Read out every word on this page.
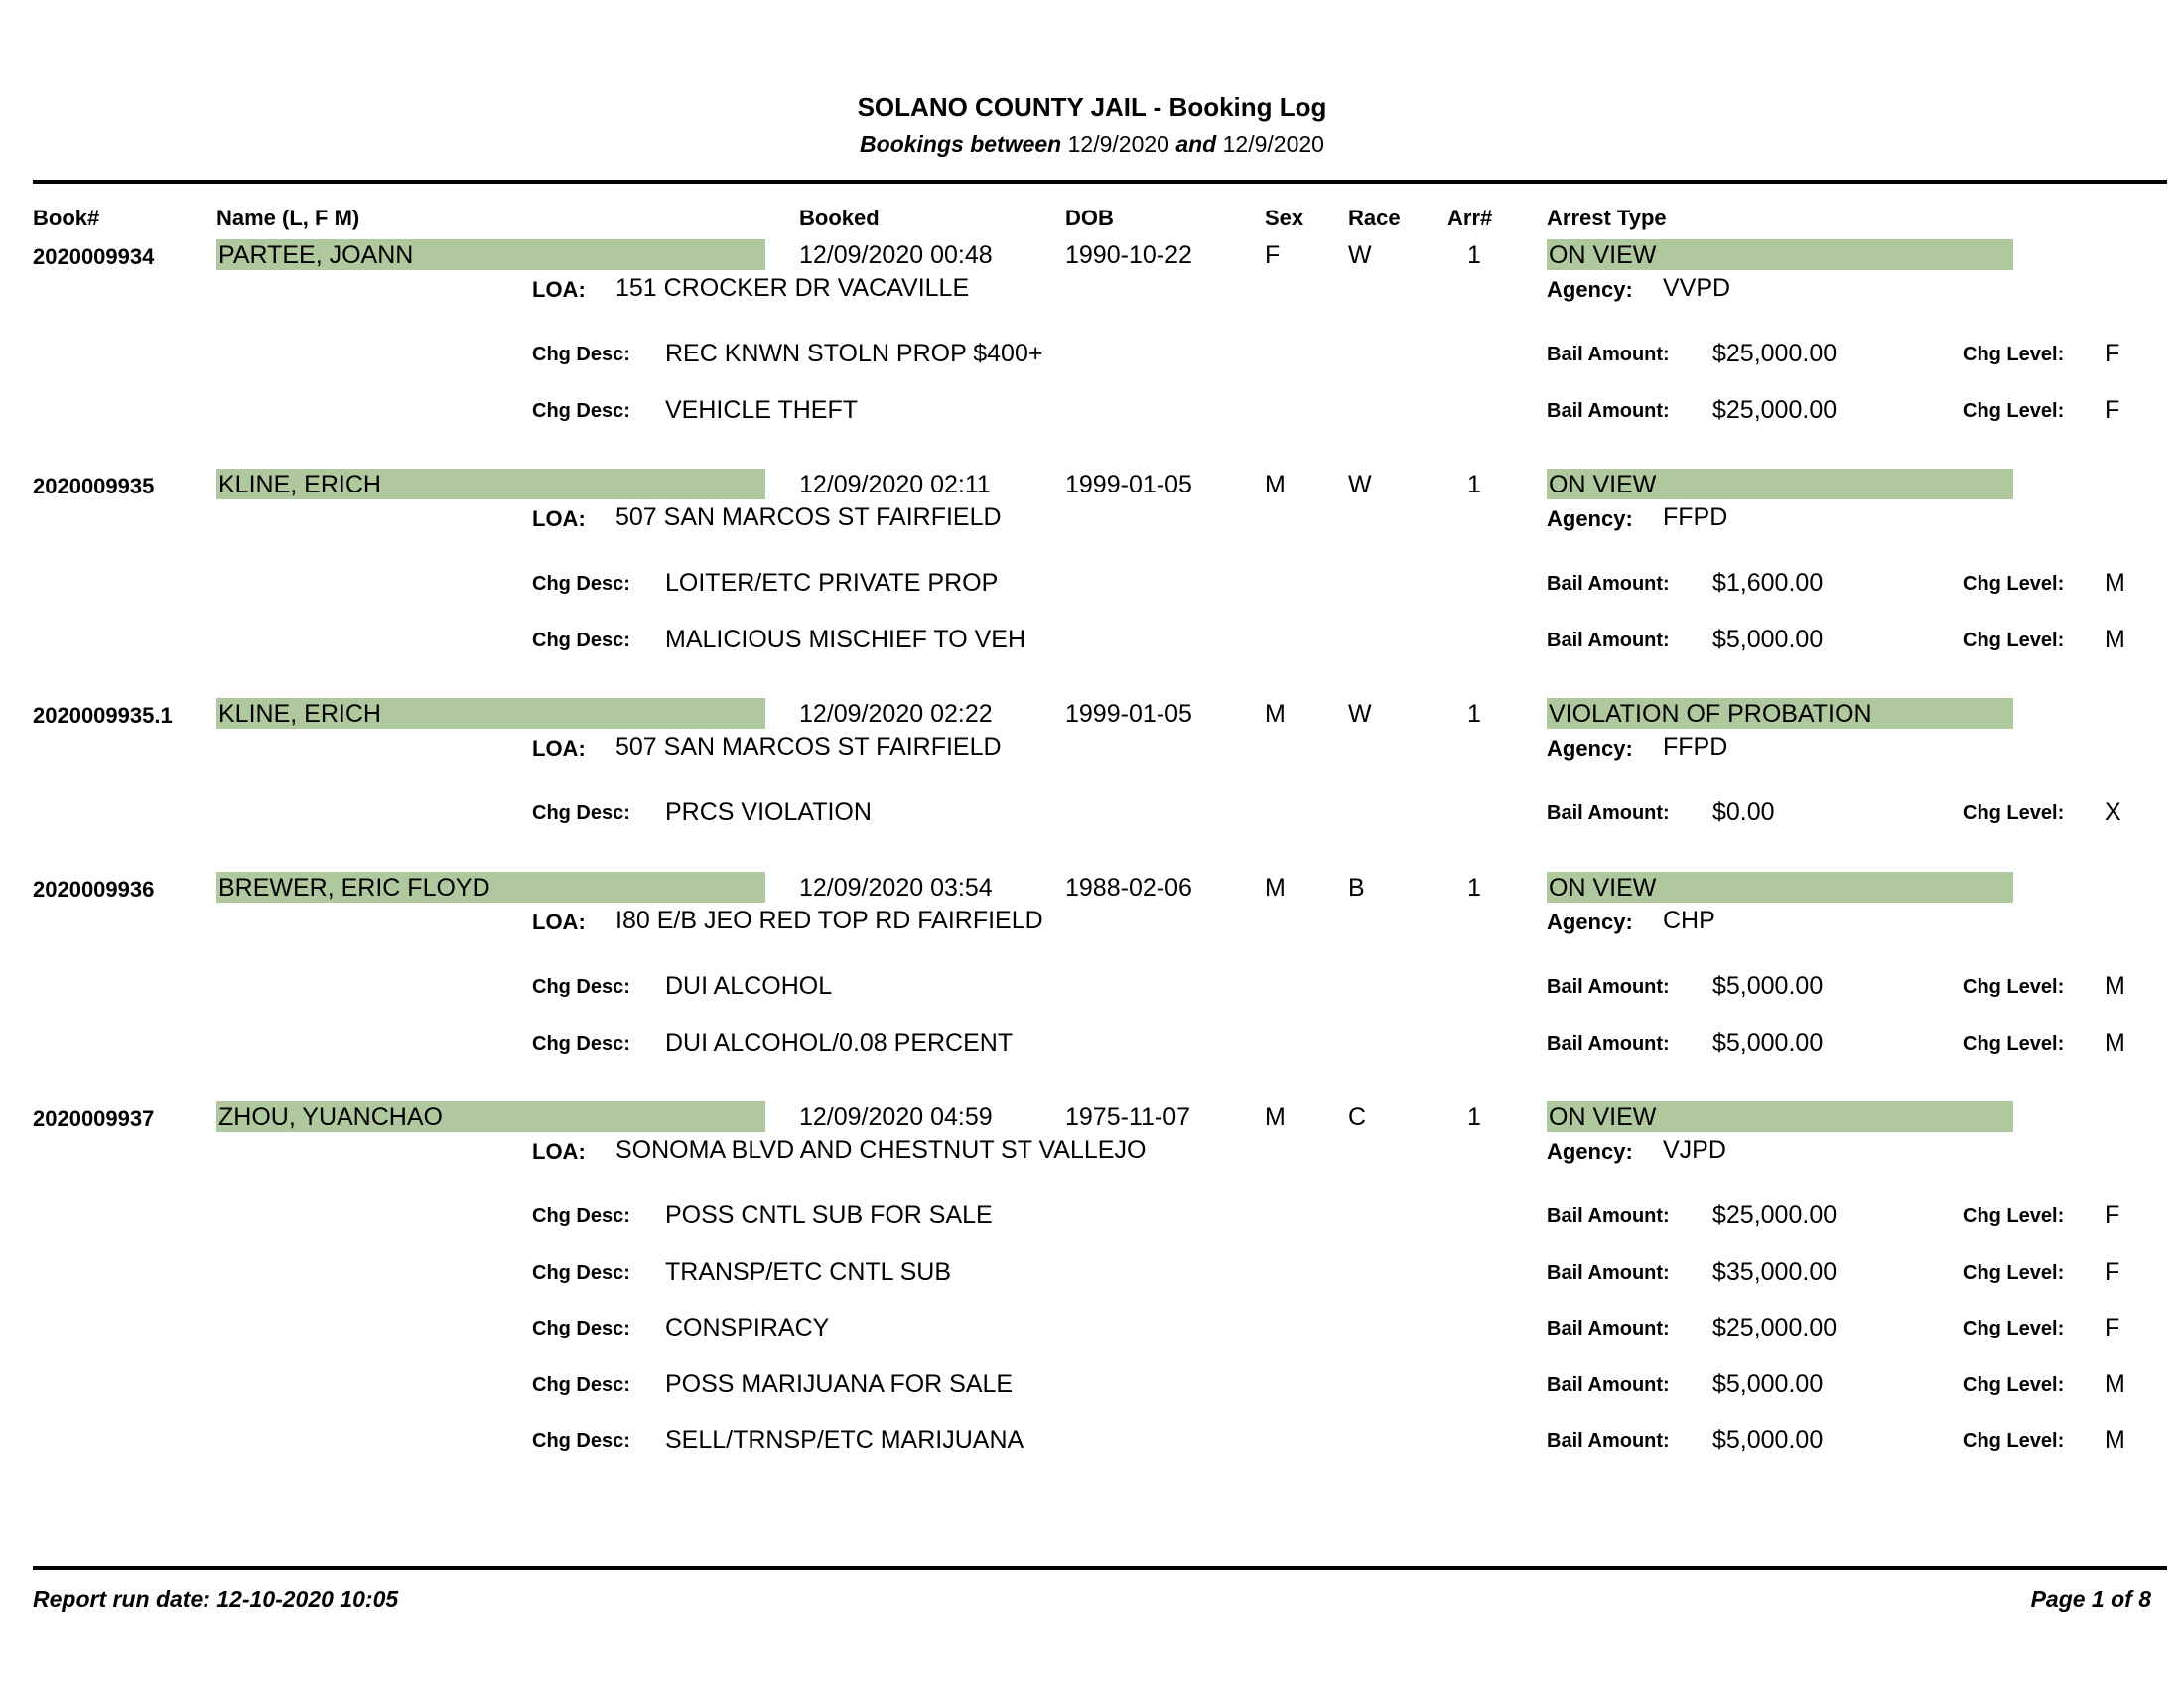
SOLANO COUNTY JAIL - Booking Log
Bookings between 12/9/2020 and 12/9/2020
Book#	Name (L, F M)	Booked	DOB	Sex Race Arr# Arrest Type
2020009934	PARTEE, JOANN	12/09/2020 00:48	1990-10-22	F	W	1	ON VIEW
LOA: 151 CROCKER DR VACAVILLE	Agency: VVPD
Chg Desc: REC KNWN STOLN PROP $400+	Bail Amount: $25,000.00	Chg Level: F
Chg Desc: VEHICLE THEFT	Bail Amount: $25,000.00	Chg Level: F
2020009935	KLINE, ERICH	12/09/2020 02:11	1999-01-05	M	W	1	ON VIEW
LOA: 507 SAN MARCOS ST FAIRFIELD	Agency: FFPD
Chg Desc: LOITER/ETC PRIVATE PROP	Bail Amount: $1,600.00	Chg Level: M
Chg Desc: MALICIOUS MISCHIEF TO VEH	Bail Amount: $5,000.00	Chg Level: M
2020009935.1 KLINE, ERICH	12/09/2020 02:22	1999-01-05	M	W	1	VIOLATION OF PROBATION
LOA: 507 SAN MARCOS ST FAIRFIELD	Agency: FFPD
Chg Desc: PRCS VIOLATION	Bail Amount: $0.00	Chg Level: X
2020009936	BREWER, ERIC FLOYD	12/09/2020 03:54	1988-02-06	M	B	1	ON VIEW
LOA: I80 E/B JEO RED TOP RD FAIRFIELD	Agency: CHP
Chg Desc: DUI ALCOHOL	Bail Amount: $5,000.00	Chg Level: M
Chg Desc: DUI ALCOHOL/0.08 PERCENT	Bail Amount: $5,000.00	Chg Level: M
2020009937	ZHOU, YUANCHAO	12/09/2020 04:59	1975-11-07	M	C	1	ON VIEW
LOA: SONOMA BLVD AND CHESTNUT ST VALLEJO	Agency: VJPD
Chg Desc: POSS CNTL SUB FOR SALE	Bail Amount: $25,000.00	Chg Level: F
Chg Desc: TRANSP/ETC CNTL SUB	Bail Amount: $35,000.00	Chg Level: F
Chg Desc: CONSPIRACY	Bail Amount: $25,000.00	Chg Level: F
Chg Desc: POSS MARIJUANA FOR SALE	Bail Amount: $5,000.00	Chg Level: M
Chg Desc: SELL/TRNSP/ETC MARIJUANA	Bail Amount: $5,000.00	Chg Level: M
Report run date: 12-10-2020 10:05	Page 1 of 8
